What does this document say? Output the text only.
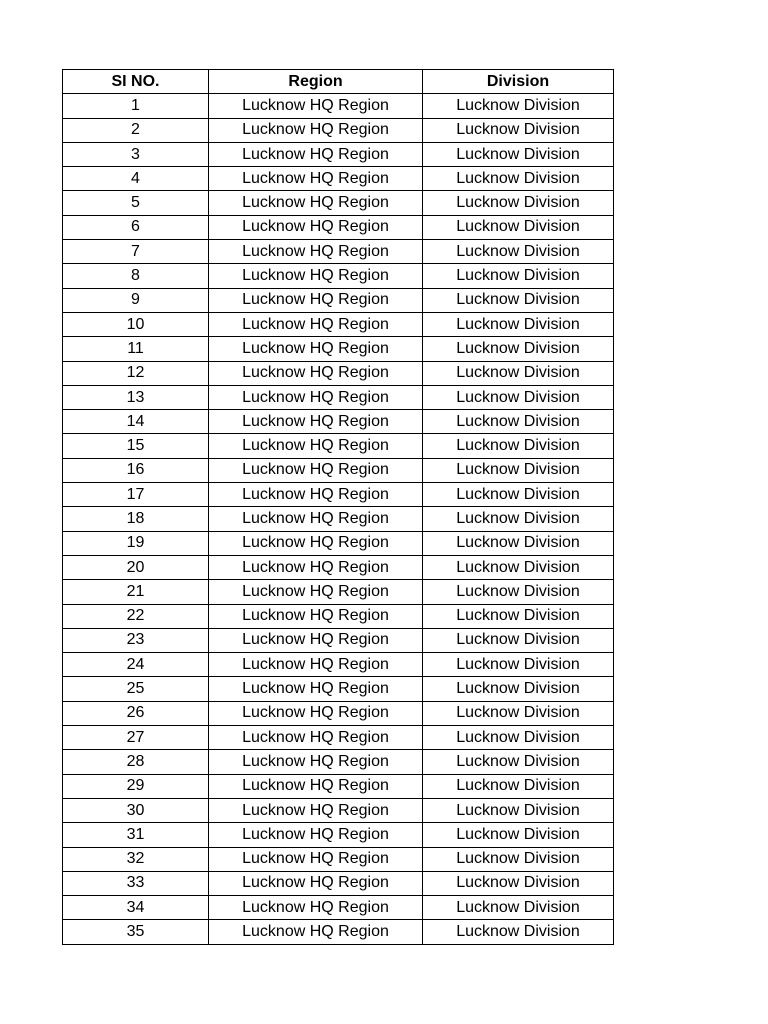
SI NO.	Region	Division
1	Lucknow HQ Region	Lucknow Division
2	Lucknow HQ Region	Lucknow Division
3	Lucknow HQ Region	Lucknow Division
4	Lucknow HQ Region	Lucknow Division
5	Lucknow HQ Region	Lucknow Division
6	Lucknow HQ Region	Lucknow Division
7	Lucknow HQ Region	Lucknow Division
8	Lucknow HQ Region	Lucknow Division
9	Lucknow HQ Region	Lucknow Division
10	Lucknow HQ Region	Lucknow Division
11	Lucknow HQ Region	Lucknow Division
12	Lucknow HQ Region	Lucknow Division
13	Lucknow HQ Region	Lucknow Division
14	Lucknow HQ Region	Lucknow Division
15	Lucknow HQ Region	Lucknow Division
16	Lucknow HQ Region	Lucknow Division
17	Lucknow HQ Region	Lucknow Division
18	Lucknow HQ Region	Lucknow Division
19	Lucknow HQ Region	Lucknow Division
20	Lucknow HQ Region	Lucknow Division
21	Lucknow HQ Region	Lucknow Division
22	Lucknow HQ Region	Lucknow Division
23	Lucknow HQ Region	Lucknow Division
24	Lucknow HQ Region	Lucknow Division
25	Lucknow HQ Region	Lucknow Division
26	Lucknow HQ Region	Lucknow Division
27	Lucknow HQ Region	Lucknow Division
28	Lucknow HQ Region	Lucknow Division
29	Lucknow HQ Region	Lucknow Division
30	Lucknow HQ Region	Lucknow Division
31	Lucknow HQ Region	Lucknow Division
32	Lucknow HQ Region	Lucknow Division
33	Lucknow HQ Region	Lucknow Division
34	Lucknow HQ Region	Lucknow Division
35	Lucknow HQ Region	Lucknow Division
